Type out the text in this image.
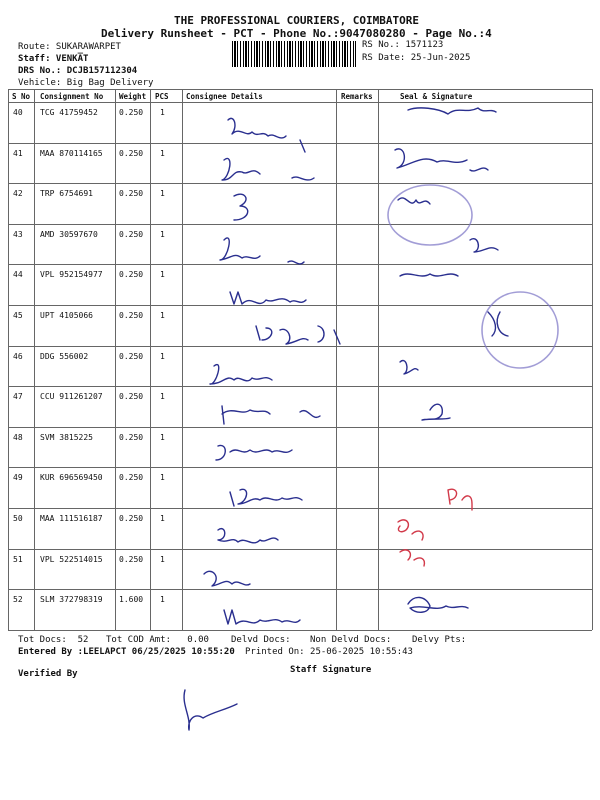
THE PROFESSIONAL COURIERS, COIMBATORE
Delivery Runsheet - PCT - Phone No.:9047080280 - Page No.:4
Route: SUKARAWARPET
Staff: VENKA̅T
DRS No.: DCJB157112304
Vehicle: Big Bag Delivery
RS No.: 1571123
RS Date: 25-Jun-2025
S No Consignment No Weight PCS Consignee Details	Remarks	Seal & Signature
40 TCG 41759452	0.250 1
41 MAA 870114165 0.250 1
42 TRP 6754691	0.250 1
43 AMD 30597670	0.250 1
44 VPL 952154977 0.250 1
45 UPT 4105066	0.250 1
46 DDG 556002	0.250 1
47 CCU 911261207 0.250 1
48 SVM 3815225	0.250 1
49 KUR 696569450 0.250 1
50 MAA 111516187 0.250 1
51 VPL 522514015 0.250 1
52 SLM 372798319 1.600 1
Tot Docs:  52 Tot COD Amt:   0.00 Delvd Docs: Non Delvd Docs: Delvy Pts:
Entered By :LEELAPCT 06/25/2025 10:55:20 Printed On: 25-06-2025 10:55:43
Verified By	Staff Signature
